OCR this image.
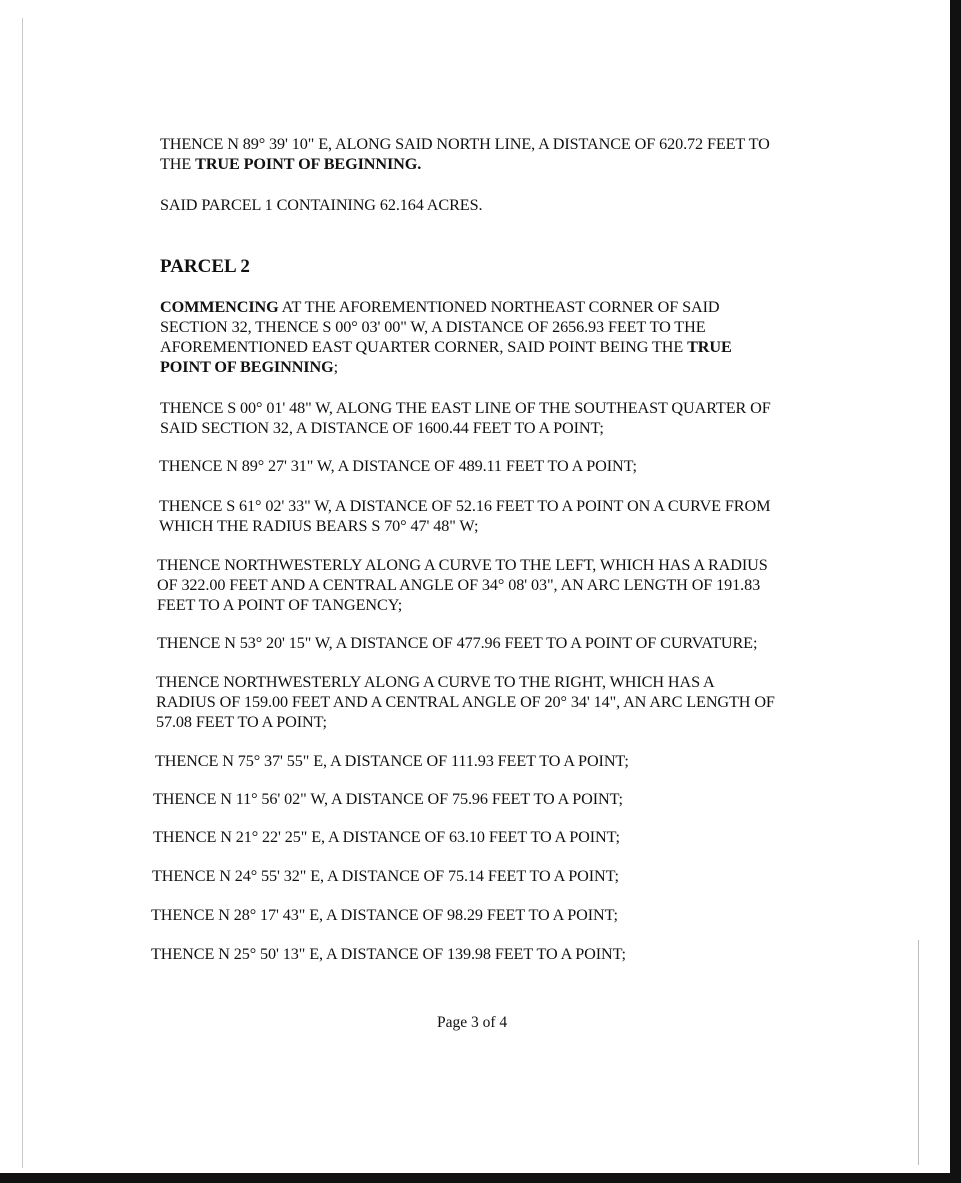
THENCE N 89° 39' 10" E, ALONG SAID NORTH LINE, A DISTANCE OF 620.72 FEET TO
THE TRUE POINT OF BEGINNING.
SAID PARCEL 1 CONTAINING 62.164 ACRES.
PARCEL 2
COMMENCING AT THE AFOREMENTIONED NORTHEAST CORNER OF SAID
SECTION 32, THENCE S 00° 03' 00" W, A DISTANCE OF 2656.93 FEET TO THE
AFOREMENTIONED EAST QUARTER CORNER, SAID POINT BEING THE TRUE
POINT OF BEGINNING;
THENCE S 00° 01' 48" W, ALONG THE EAST LINE OF THE SOUTHEAST QUARTER OF
SAID SECTION 32, A DISTANCE OF 1600.44 FEET TO A POINT;
THENCE N 89° 27' 31" W, A DISTANCE OF 489.11 FEET TO A POINT;
THENCE S 61° 02' 33" W, A DISTANCE OF 52.16 FEET TO A POINT ON A CURVE FROM
WHICH THE RADIUS BEARS S 70° 47' 48" W;
THENCE NORTHWESTERLY ALONG A CURVE TO THE LEFT, WHICH HAS A RADIUS
OF 322.00 FEET AND A CENTRAL ANGLE OF 34° 08' 03", AN ARC LENGTH OF 191.83
FEET TO A POINT OF TANGENCY;
THENCE N 53° 20' 15" W, A DISTANCE OF 477.96 FEET TO A POINT OF CURVATURE;
THENCE NORTHWESTERLY ALONG A CURVE TO THE RIGHT, WHICH HAS A
RADIUS OF 159.00 FEET AND A CENTRAL ANGLE OF 20° 34' 14", AN ARC LENGTH OF
57.08 FEET TO A POINT;
THENCE N 75° 37' 55" E, A DISTANCE OF 111.93 FEET TO A POINT;
THENCE N 11° 56' 02" W, A DISTANCE OF 75.96 FEET TO A POINT;
THENCE N 21° 22' 25" E, A DISTANCE OF 63.10 FEET TO A POINT;
THENCE N 24° 55' 32" E, A DISTANCE OF 75.14 FEET TO A POINT;
THENCE N 28° 17' 43" E, A DISTANCE OF 98.29 FEET TO A POINT;
THENCE N 25° 50' 13" E, A DISTANCE OF 139.98 FEET TO A POINT;
Page 3 of 4
